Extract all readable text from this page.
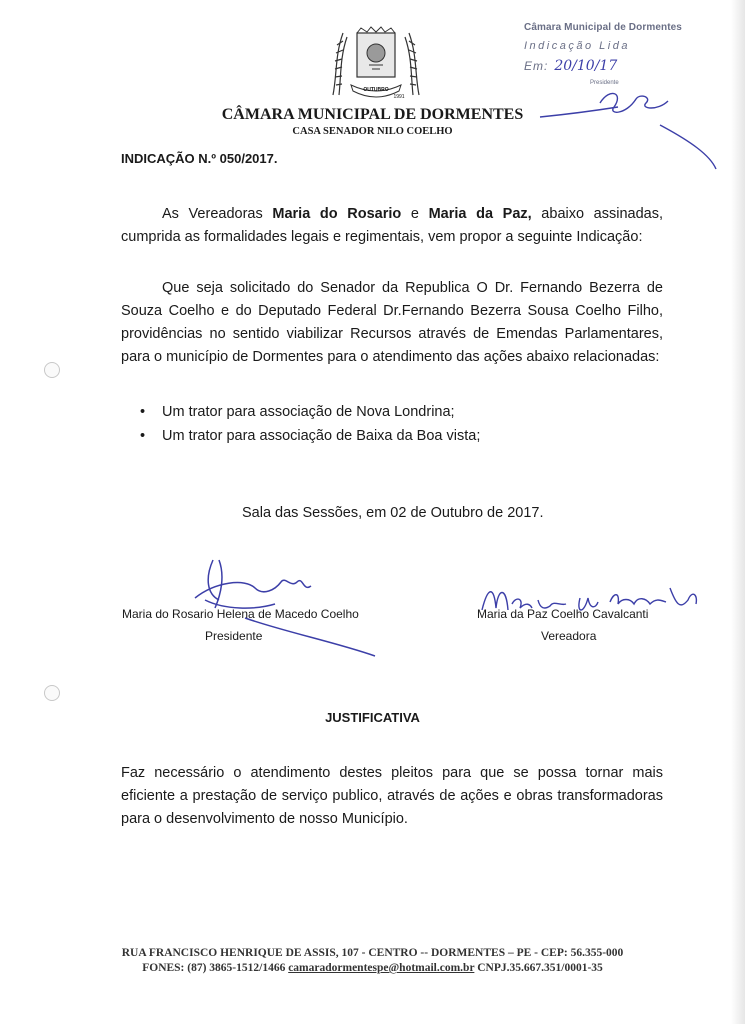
OUTUBRO
1991
CÂMARA MUNICIPAL DE DORMENTES
CASA SENADOR NILO COELHO
Câmara Municipal de Dormentes
Indicação Lida
Em: 20/10/17
Presidente
INDICAÇÃO N.º 050/2017.
As Vereadoras Maria do Rosario e Maria da Paz, abaixo assinadas, cumprida as formalidades legais e regimentais, vem propor a seguinte Indicação:
Que seja solicitado do Senador da Republica O Dr. Fernando Bezerra de Souza Coelho e do Deputado Federal Dr.Fernando Bezerra Sousa Coelho Filho, providências no sentido viabilizar Recursos através de Emendas Parlamentares, para o município de Dormentes para o atendimento das ações abaixo relacionadas:
• Um trator para associação de Nova Londrina;
• Um trator para associação de Baixa da Boa vista;
Sala das Sessões, em 02 de Outubro de 2017.
Maria do Rosario Helena de Macedo Coelho
Presidente
Maria da Paz Coelho Cavalcanti
Vereadora
JUSTIFICATIVA
Faz necessário o atendimento destes pleitos para que se possa tornar mais eficiente a prestação de serviço publico, através de ações e obras transformadoras para o desenvolvimento de nosso Município.
RUA FRANCISCO HENRIQUE DE ASSIS, 107 - CENTRO -- DORMENTES – PE - CEP: 56.355-000
FONES: (87) 3865-1512/1466 camaradormentespe@hotmail.com.br CNPJ.35.667.351/0001-35
